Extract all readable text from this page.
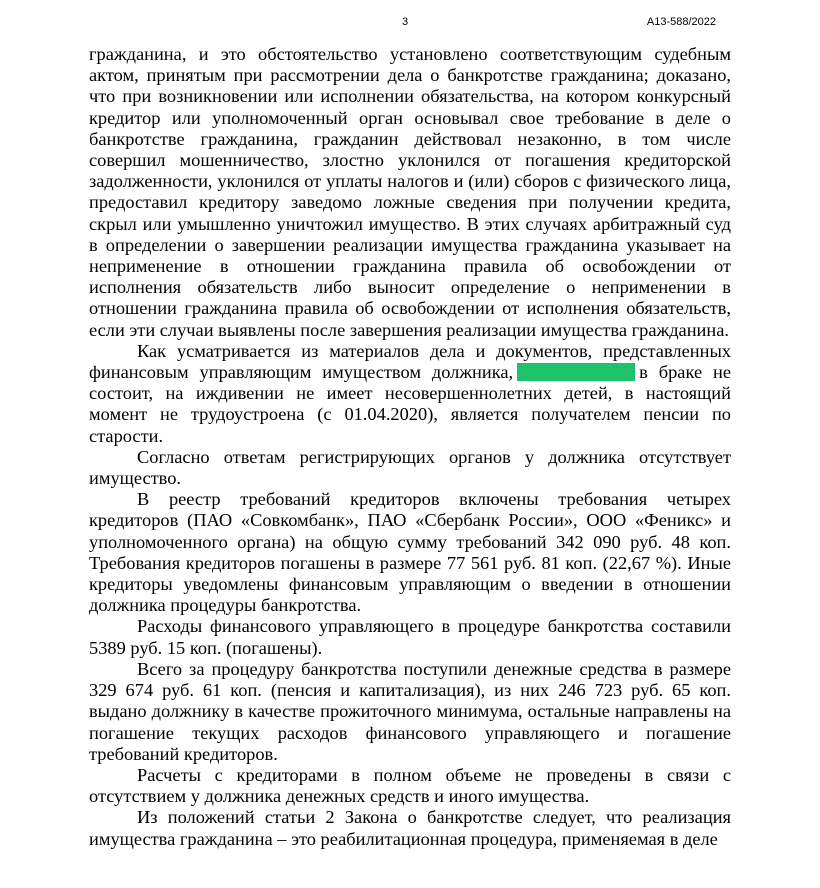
3	А13-588/2022

гражданина, и это обстоятельство установлено соответствующим судебным актом, принятым при рассмотрении дела о банкротстве гражданина; доказано, что при возникновении или исполнении обязательства, на котором конкурсный кредитор или уполномоченный орган основывал свое требование в деле о банкротстве гражданина, гражданин действовал незаконно, в том числе совершил мошенничество, злостно уклонился от погашения кредиторской задолженности, уклонился от уплаты налогов и (или) сборов с физического лица, предоставил кредитору заведомо ложные сведения при получении кредита, скрыл или умышленно уничтожил имущество. В этих случаях арбитражный суд в определении о завершении реализации имущества гражданина указывает на неприменение в отношении гражданина правила об освобождении от исполнения обязательств либо выносит определение о неприменении в отношении гражданина правила об освобождении от исполнения обязательств, если эти случаи выявлены после завершения реализации имущества гражданина.

Как усматривается из материалов дела и документов, представленных финансовым управляющим имуществом должника,	в браке не состоит, на иждивении не имеет несовершеннолетних детей, в настоящий момент не трудоустроена (с 01.04.2020), является получателем пенсии по старости.

Согласно ответам регистрирующих органов у должника отсутствует имущество.

В реестр требований кредиторов включены требования четырех кредиторов (ПАО «Совкомбанк», ПАО «Сбербанк России», ООО «Феникс» и уполномоченного органа) на общую сумму требований 342 090 руб. 48 коп. Требования кредиторов погашены в размере 77 561 руб. 81 коп. (22,67 %). Иные кредиторы уведомлены финансовым управляющим о введении в отношении должника процедуры банкротства.

Расходы финансового управляющего в процедуре банкротства составили 5389 руб. 15 коп. (погашены).

Всего за процедуру банкротства поступили денежные средства в размере 329 674 руб. 61 коп. (пенсия и капитализация), из них 246 723 руб. 65 коп. выдано должнику в качестве прожиточного минимума, остальные направлены на погашение текущих расходов финансового управляющего и погашение требований кредиторов.

Расчеты с кредиторами в полном объеме не проведены в связи с отсутствием у должника денежных средств и иного имущества.

Из положений статьи 2 Закона о банкротстве следует, что реализация имущества гражданина – это реабилитационная процедура, применяемая в деле
